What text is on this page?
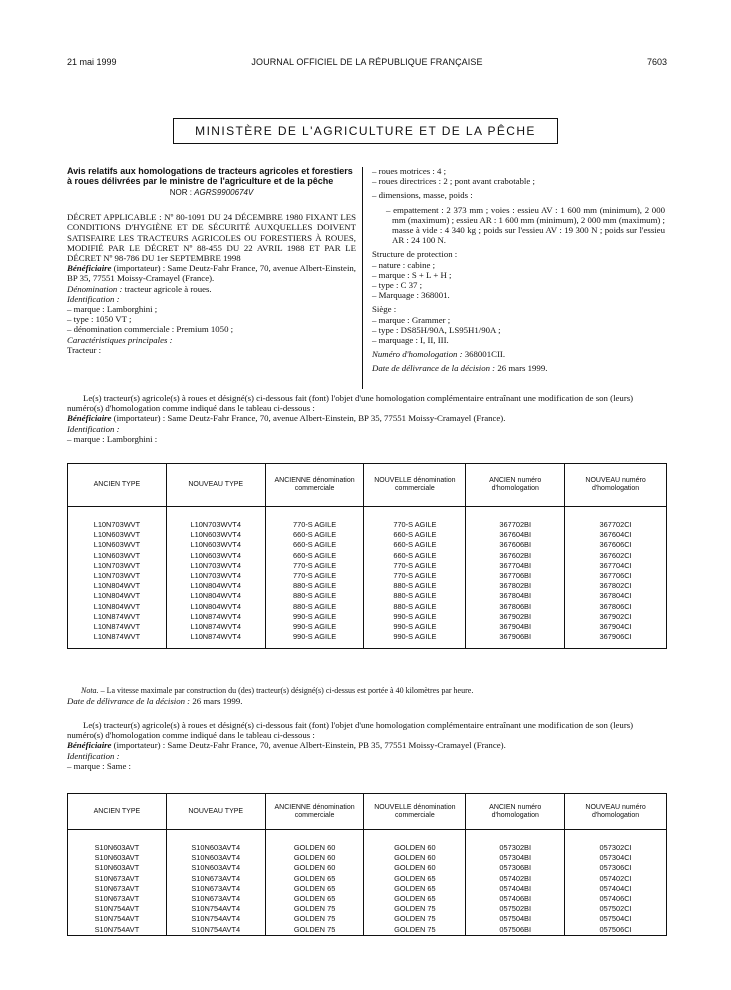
21 mai 1999	JOURNAL OFFICIEL DE LA RÉPUBLIQUE FRANÇAISE	7603
MINISTÈRE DE L'AGRICULTURE ET DE LA PÊCHE

Avis relatifs aux homologations de tracteurs agricoles et forestiers à roues délivrées par le ministre de l'agriculture et de la pêche

NOR : AGRS9900674V

DÉCRET APPLICABLE : Nº 80-1091 DU 24 DÉCEMBRE 1980 FIXANT LES CONDITIONS D'HYGIÈNE ET DE SÉCURITÉ AUXQUELLES DOIVENT SATISFAIRE LES TRACTEURS AGRICOLES OU FORESTIERS À ROUES, MODIFIÉ PAR LE DÉCRET Nº 88-455 DU 22 AVRIL 1988 ET PAR LE DÉCRET Nº 98-786 DU 1er SEPTEMBRE 1998

Bénéficiaire (importateur) : Same Deutz-Fahr France, 70, avenue Albert-Einstein, BP 35, 77551 Moissy-Cramayel (France).

Dénomination : tracteur agricole à roues.

Identification :

– marque : Lamborghini ;

– type : 1050 VT ;

– dénomination commerciale : Premium 1050 ;

Caractéristiques principales :

Tracteur :

– roues motrices : 4 ;

– roues directrices : 2 ; pont avant crabotable ;

– dimensions, masse, poids :

– empattement : 2 373 mm ; voies : essieu AV : 1 600 mm (minimum), 2 000 mm (maximum) ; essieu AR : 1 600 mm (minimum), 2 000 mm (maximum) ; masse à vide : 4 340 kg ; poids sur l'essieu AV : 19 300 N ; poids sur l'essieu AR : 24 100 N.

Structure de protection :

– nature : cabine ;

– marque : S + L + H ;

– type : C 37 ;

– Marquage : 368001.

Siège :

– marque : Grammer ;

– type : DS85H/90A, LS95H1/90A ;

– marquage : I, II, III.

Numéro d'homologation : 368001CII.

Date de délivrance de la décision : 26 mars 1999.

Le(s) tracteur(s) agricole(s) à roues et désigné(s) ci-dessous fait (font) l'objet d'une homologation complémentaire entraînant une modification de son (leurs) numéro(s) d'homologation comme indiqué dans le tableau ci-dessous :

Bénéficiaire (importateur) : Same Deutz-Fahr France, 70, avenue Albert-Einstein, BP 35, 77551 Moissy-Cramayel (France).

Identification :

– marque : Lamborghini :

ANCIEN TYPE	NOUVEAU TYPE	ANCIENNE dénomination commerciale	NOUVELLE dénomination commerciale	ANCIEN numéro d'homologation	NOUVEAU numéro d'homologation

L10N703WVT	L10N703WVT4	770-S AGILE	770-S AGILE	367702BI	367702CI
L10N603WVT	L10N603WVT4	660-S AGILE	660-S AGILE	367604BI	367604CI
L10N603WVT	L10N603WVT4	660-S AGILE	660-S AGILE	367606BI	367606CI
L10N603WVT	L10N603WVT4	660-S AGILE	660-S AGILE	367602BI	367602CI
L10N703WVT	L10N703WVT4	770-S AGILE	770-S AGILE	367704BI	367704CI
L10N703WVT	L10N703WVT4	770-S AGILE	770-S AGILE	367706BI	367706CI
L10N804WVT	L10N804WVT4	880-S AGILE	880-S AGILE	367802BI	367802CI
L10N804WVT	L10N804WVT4	880-S AGILE	880-S AGILE	367804BI	367804CI
L10N804WVT	L10N804WVT4	880-S AGILE	880-S AGILE	367806BI	367806CI
L10N874WVT	L10N874WVT4	990-S AGILE	990-S AGILE	367902BI	367902CI
L10N874WVT	L10N874WVT4	990-S AGILE	990-S AGILE	367904BI	367904CI
L10N874WVT	L10N874WVT4	990-S AGILE	990-S AGILE	367906BI	367906CI

Nota. – La vitesse maximale par construction du (des) tracteur(s) désigné(s) ci-dessus est portée à 40 kilomètres par heure.

Date de délivrance de la décision : 26 mars 1999.

Le(s) tracteur(s) agricole(s) à roues et désigné(s) ci-dessous fait (font) l'objet d'une homologation complémentaire entraînant une modification de son (leurs) numéro(s) d'homologation comme indiqué dans le tableau ci-dessous :

Bénéficiaire (importateur) : Same Deutz-Fahr France, 70, avenue Albert-Einstein, PB 35, 77551 Moissy-Cramayel (France).

Identification :

– marque : Same :

ANCIEN TYPE	NOUVEAU TYPE	ANCIENNE dénomination commerciale	NOUVELLE dénomination commerciale	ANCIEN numéro d'homologation	NOUVEAU numéro d'homologation

S10N603AVT	S10N603AVT4	GOLDEN 60	GOLDEN 60	057302BI	057302CI
S10N603AVT	S10N603AVT4	GOLDEN 60	GOLDEN 60	057304BI	057304CI
S10N603AVT	S10N603AVT4	GOLDEN 60	GOLDEN 60	057306BI	057306CI
S10N673AVT	S10N673AVT4	GOLDEN 65	GOLDEN 65	057402BI	057402CI
S10N673AVT	S10N673AVT4	GOLDEN 65	GOLDEN 65	057404BI	057404CI
S10N673AVT	S10N673AVT4	GOLDEN 65	GOLDEN 65	057406BI	057406CI
S10N754AVT	S10N754AVT4	GOLDEN 75	GOLDEN 75	057502BI	057502CI
S10N754AVT	S10N754AVT4	GOLDEN 75	GOLDEN 75	057504BI	057504CI
S10N754AVT	S10N754AVT4	GOLDEN 75	GOLDEN 75	057506BI	057506CI
